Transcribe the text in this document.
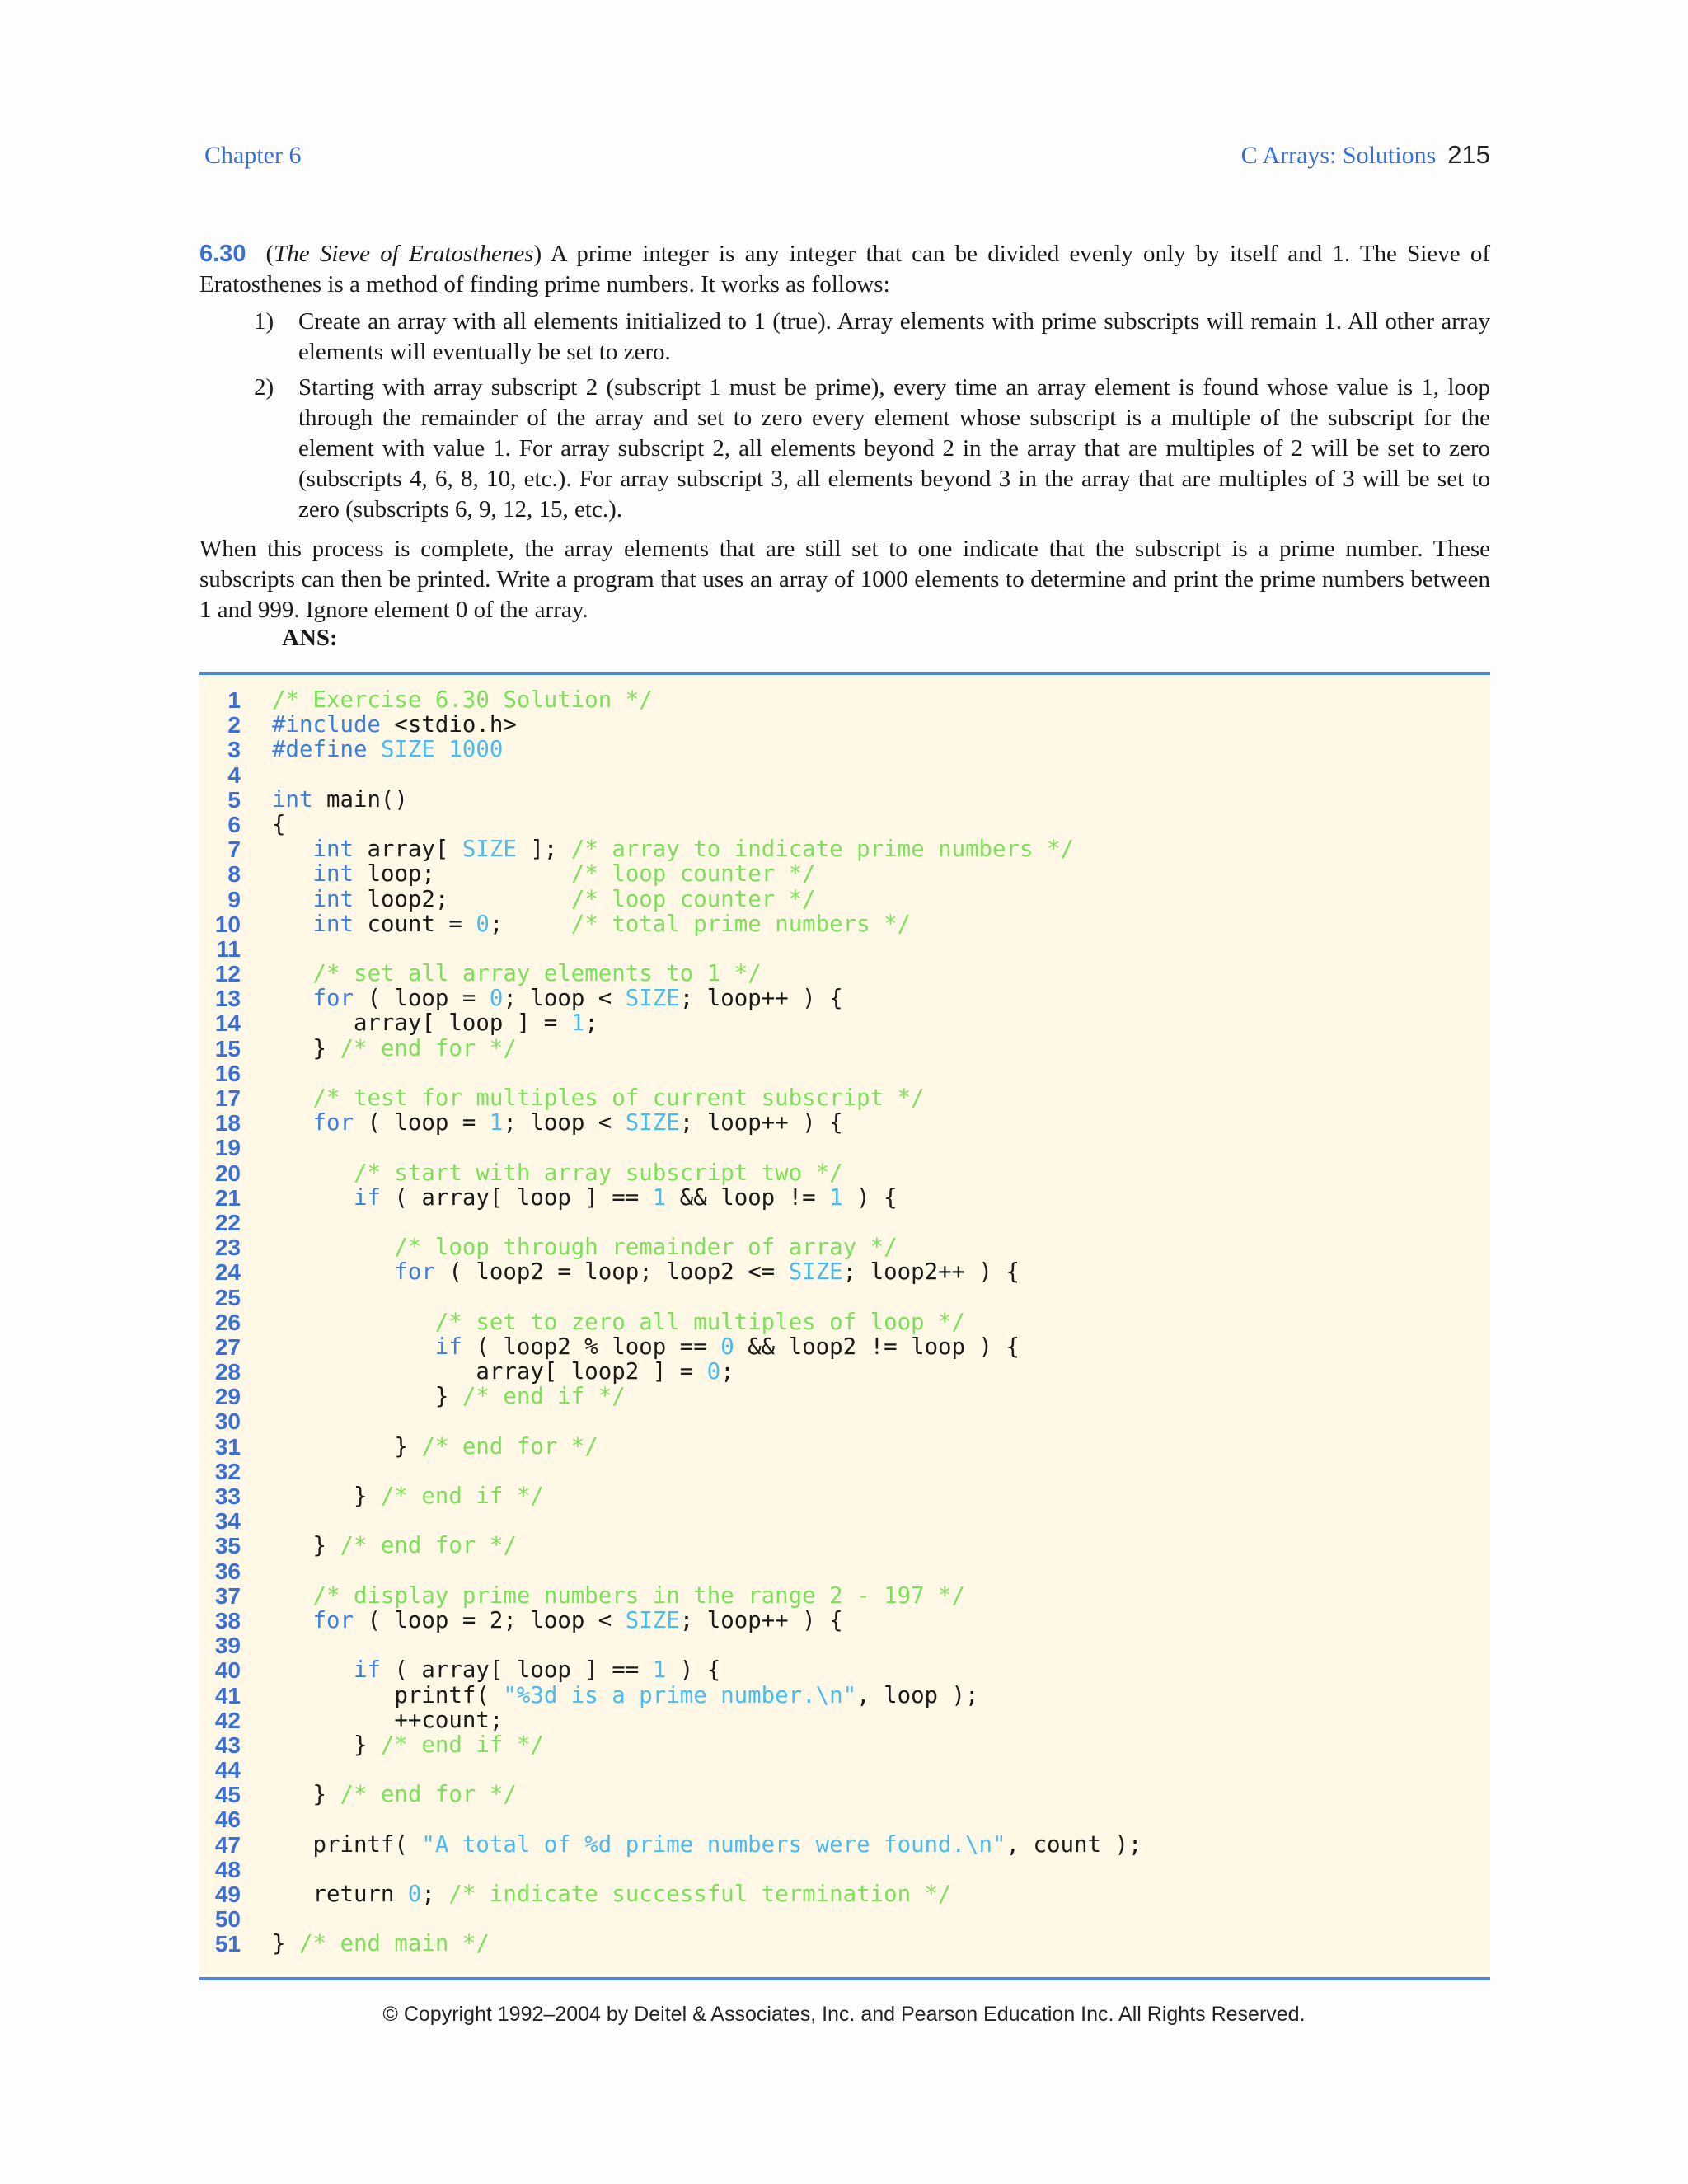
Chapter 6	C Arrays: Solutions 215
6.30 (The Sieve of Eratosthenes) A prime integer is any integer that can be divided evenly only by itself and 1. The Sieve of Eratosthenes is a method of finding prime numbers. It works as follows:
1) Create an array with all elements initialized to 1 (true). Array elements with prime subscripts will remain 1. All other array elements will eventually be set to zero.
2) Starting with array subscript 2 (subscript 1 must be prime), every time an array element is found whose value is 1, loop through the remainder of the array and set to zero every element whose subscript is a multiple of the subscript for the element with value 1. For array subscript 2, all elements beyond 2 in the array that are multiples of 2 will be set to zero (subscripts 4, 6, 8, 10, etc.). For array subscript 3, all elements beyond 3 in the array that are multiples of 3 will be set to zero (subscripts 6, 9, 12, 15, etc.).
When this process is complete, the array elements that are still set to one indicate that the subscript is a prime number. These subscripts can then be printed. Write a program that uses an array of 1000 elements to determine and print the prime numbers between 1 and 999. Ignore element 0 of the array.
ANS:
1 /* Exercise 6.30 Solution */
2 #include <stdio.h>
3 #define SIZE 1000
4
5 int main()
6 {
7	int array[ SIZE ]; /* array to indicate prime numbers */
8	int loop;          /* loop counter */
9	int loop2;         /* loop counter */
10	int count = 0;     /* total prime numbers */
11
12	/* set all array elements to 1 */
13	for ( loop = 0; loop < SIZE; loop++ ) {
14 array[ loop ] = 1;
15 } /* end for */
16
17	/* test for multiples of current subscript */
18	for ( loop = 1; loop < SIZE; loop++ ) {
19
20	/* start with array subscript two */
21	if ( array[ loop ] == 1 && loop != 1 ) {
22
23	/* loop through remainder of array */
24	for ( loop2 = loop; loop2 <= SIZE; loop2++ ) {
25
26	/* set to zero all multiples of loop */
27	if ( loop2 % loop == 0 && loop2 != loop ) {
28 array[ loop2 ] = 0;
29 } /* end if */
30
31 } /* end for */
32
33 } /* end if */
34
35 } /* end for */
36
37	/* display prime numbers in the range 2 - 197 */
38	for ( loop = 2; loop < SIZE; loop++ ) {
39
40	if ( array[ loop ] == 1 ) {
41 printf( "%3d is a prime number.\n", loop );
42 ++count;
43 } /* end if */
44
45 } /* end for */
46
47 printf( "A total of %d prime numbers were found.\n", count );
48
49 return 0; /* indicate successful termination */
50
51 } /* end main */
© Copyright 1992–2004 by Deitel & Associates, Inc. and Pearson Education Inc. All Rights Reserved.
